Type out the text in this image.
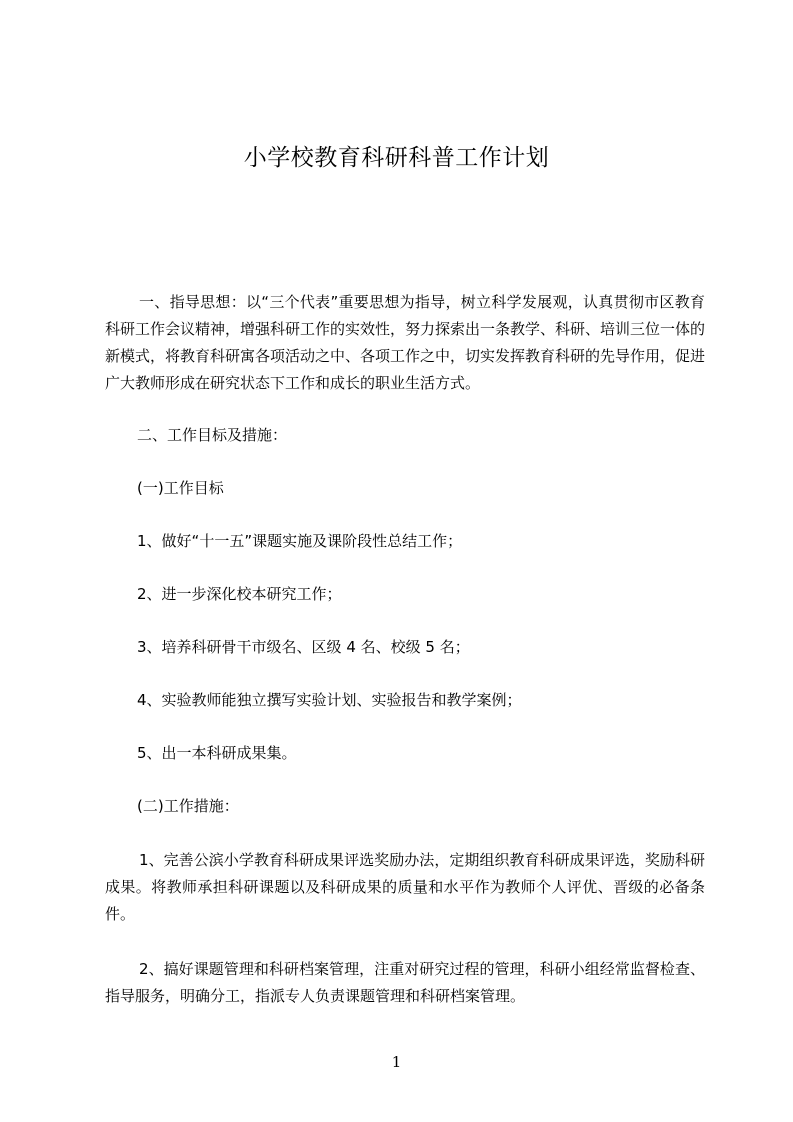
小学校教育科研科普工作计划

一、指导思想：以“三个代表”重要思想为指导，树立科学发展观，认真贯彻市区教育科研工作会议精神，增强科研工作的实效性，努力探索出一条教学、科研、培训三位一体的新模式，将教育科研寓各项活动之中、各项工作之中，切实发挥教育科研的先导作用，促进广大教师形成在研究状态下工作和成长的职业生活方式。

二、工作目标及措施：

(一)工作目标

1、做好“十一五”课题实施及课阶段性总结工作；

2、进一步深化校本研究工作；

3、培养科研骨干市级名、区级 4 名、校级 5 名；

4、实验教师能独立撰写实验计划、实验报告和教学案例；

5、出一本科研成果集。

(二)工作措施：

1、完善公滨小学教育科研成果评选奖励办法，定期组织教育科研成果评选，奖励科研成果。将教师承担科研课题以及科研成果的质量和水平作为教师个人评优、晋级的必备条件。

2、搞好课题管理和科研档案管理，注重对研究过程的管理，科研小组经常监督检查、指导服务，明确分工，指派专人负责课题管理和科研档案管理。

1
